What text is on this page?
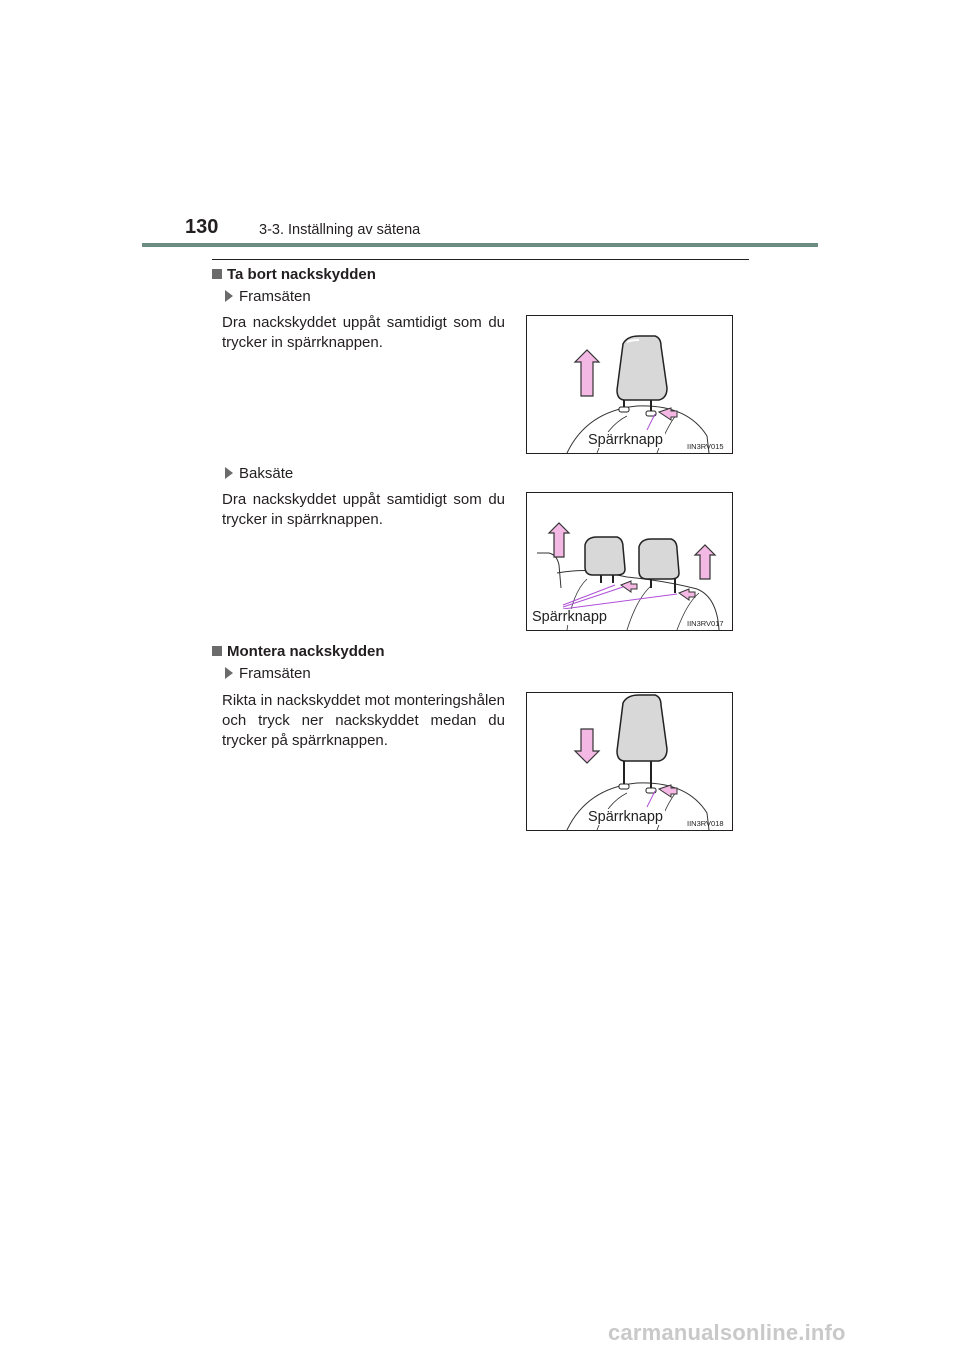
130	3-3. Inställning av sätena
Ta bort nackskydden
Framsäten
Dra nackskyddet uppåt samtidigt som du trycker in spärrknappen.
Spärrknapp	IIN3RV015
Baksäte
Dra nackskyddet uppåt samtidigt som du trycker in spärrknappen.
Spärrknapp	IIN3RV017
Montera nackskydden
Framsäten
Rikta in nackskyddet mot monteringshålen och tryck ner nackskyddet medan du trycker på spärrknappen.
Spärrknapp	IIN3RV018
carmanualsonline.info
